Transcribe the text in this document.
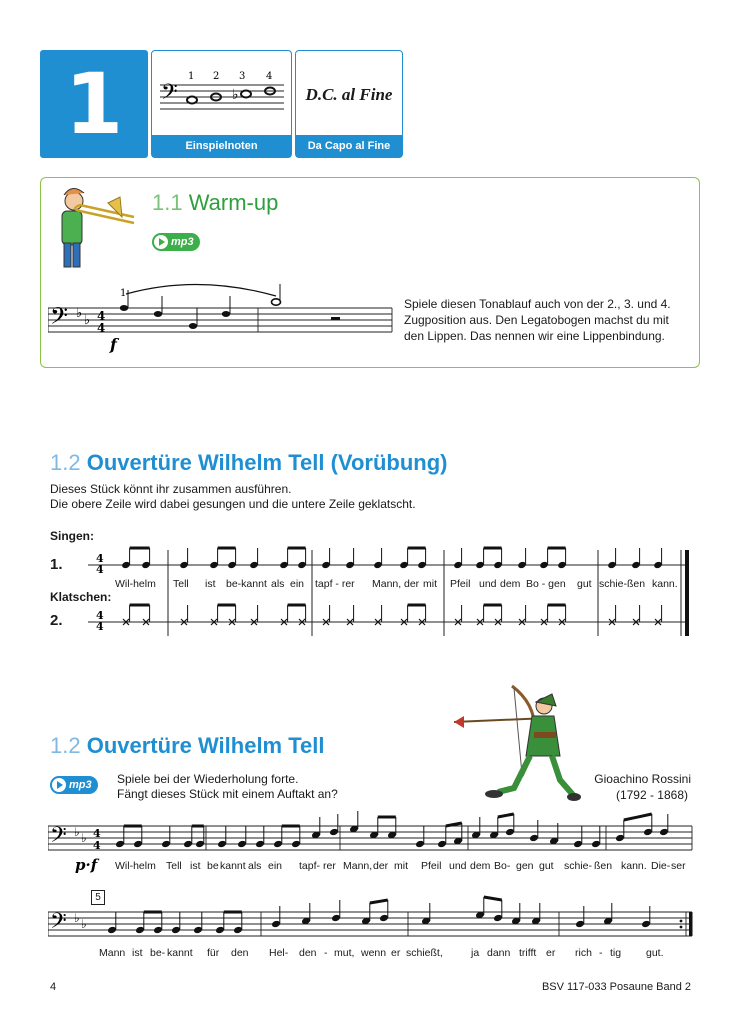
1 𝄢	♭
1 2 3 4
Einspielnoten
D.C. al Fine
Da Capo al Fine
1.1 Warm-up
mp3
𝄢 ♭ ♭ 4
4
1
f
Spiele diesen Tonablauf auch von der 2., 3. und 4. Zugposition aus. Den Legatobogen machst du mit den Lippen. Das nennen wir eine Lippenbindung.
1.2 Ouvertüre Wilhelm Tell (Vorübung)
Dieses Stück könnt ihr zusammen ausführen.
Die obere Zeile wird dabei gesungen und die untere Zeile geklatscht.
Singen:
1.
Klatschen:
2.
4
4
4
4
Wil-helm Tell ist be-kannt als ein tapf - rer Mann, der mit Pfeil und dem Bo - gen gut schie-ßen kann.
1.2 Ouvertüre Wilhelm Tell
mp3 Spiele bei der Wiederholung forte.
Fängt dieses Stück mit einem Auftakt an?
Gioachino Rossini
(1792 - 1868)
𝄢 ♭ ♭ 4
4
p·f Wil-helm Tell ist be kannt als ein tapf- rer Mann, der mit Pfeil und dem Bo- gen gut schie- ßen kann. Die- ser
5
𝄢 ♭ ♭
Mann ist be- kannt für den Hel- den - mut, wenn er schießt,	ja dann trifft er rich - tig gut.
4	BSV 117-033 Posaune Band 2
